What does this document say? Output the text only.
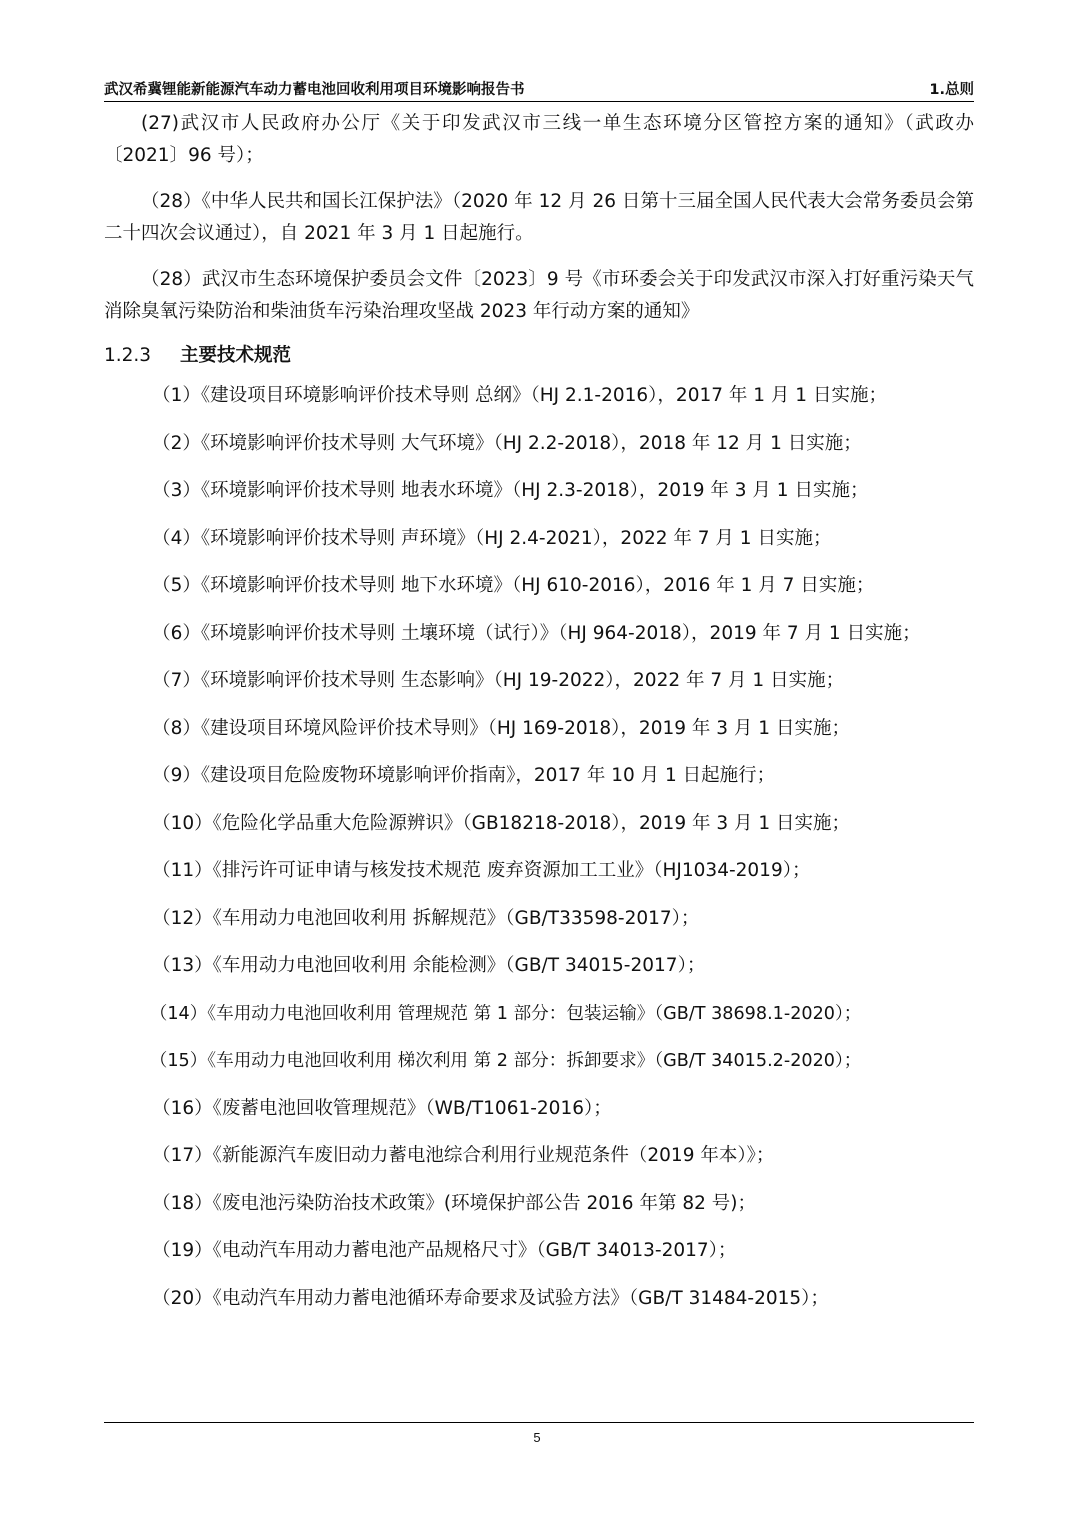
武汉希冀锂能新能源汽车动力蓄电池回收利用项目环境影响报告书	1.总则

(27)武汉市人民政府办公厅《关于印发武汉市三线一单生态环境分区管控方案的通知》（武政办〔2021〕96 号）；

（28）《中华人民共和国长江保护法》（2020 年 12 月 26 日第十三届全国人民代表大会常务委员会第二十四次会议通过），自 2021 年 3 月 1 日起施行。

（28）武汉市生态环境保护委员会文件〔2023〕9 号《市环委会关于印发武汉市深入打好重污染天气消除臭氧污染防治和柴油货车污染治理攻坚战 2023 年行动方案的通知》

1.2.3 主要技术规范

（1）《建设项目环境影响评价技术导则 总纲》（HJ 2.1-2016），2017 年 1 月 1 日实施；

（2）《环境影响评价技术导则 大气环境》（HJ 2.2-2018），2018 年 12 月 1 日实施；

（3）《环境影响评价技术导则 地表水环境》（HJ 2.3-2018），2019 年 3 月 1 日实施；

（4）《环境影响评价技术导则 声环境》（HJ 2.4-2021），2022 年 7 月 1 日实施；

（5）《环境影响评价技术导则 地下水环境》（HJ 610-2016），2016 年 1 月 7 日实施；

（6）《环境影响评价技术导则 土壤环境（试行）》（HJ 964-2018），2019 年 7 月 1 日实施；

（7）《环境影响评价技术导则 生态影响》（HJ 19-2022），2022 年 7 月 1 日实施；

（8）《建设项目环境风险评价技术导则》（HJ 169-2018），2019 年 3 月 1 日实施；

（9）《建设项目危险废物环境影响评价指南》，2017 年 10 月 1 日起施行；

（10）《危险化学品重大危险源辨识》（GB18218-2018），2019 年 3 月 1 日实施；

（11）《排污许可证申请与核发技术规范 废弃资源加工工业》（HJ1034-2019）；

（12）《车用动力电池回收利用 拆解规范》（GB/T33598-2017）；

（13）《车用动力电池回收利用 余能检测》（GB/T 34015-2017）；

（14）《车用动力电池回收利用 管理规范 第 1 部分：包装运输》（GB/T 38698.1-2020）；

（15）《车用动力电池回收利用 梯次利用 第 2 部分：拆卸要求》（GB/T 34015.2-2020）；

（16）《废蓄电池回收管理规范》（WB/T1061-2016）；

（17）《新能源汽车废旧动力蓄电池综合利用行业规范条件（2019 年本）》；

（18）《废电池污染防治技术政策》(环境保护部公告 2016 年第 82 号)；

（19）《电动汽车用动力蓄电池产品规格尺寸》（GB/T 34013-2017）；

（20）《电动汽车用动力蓄电池循环寿命要求及试验方法》（GB/T 31484-2015）；

5
